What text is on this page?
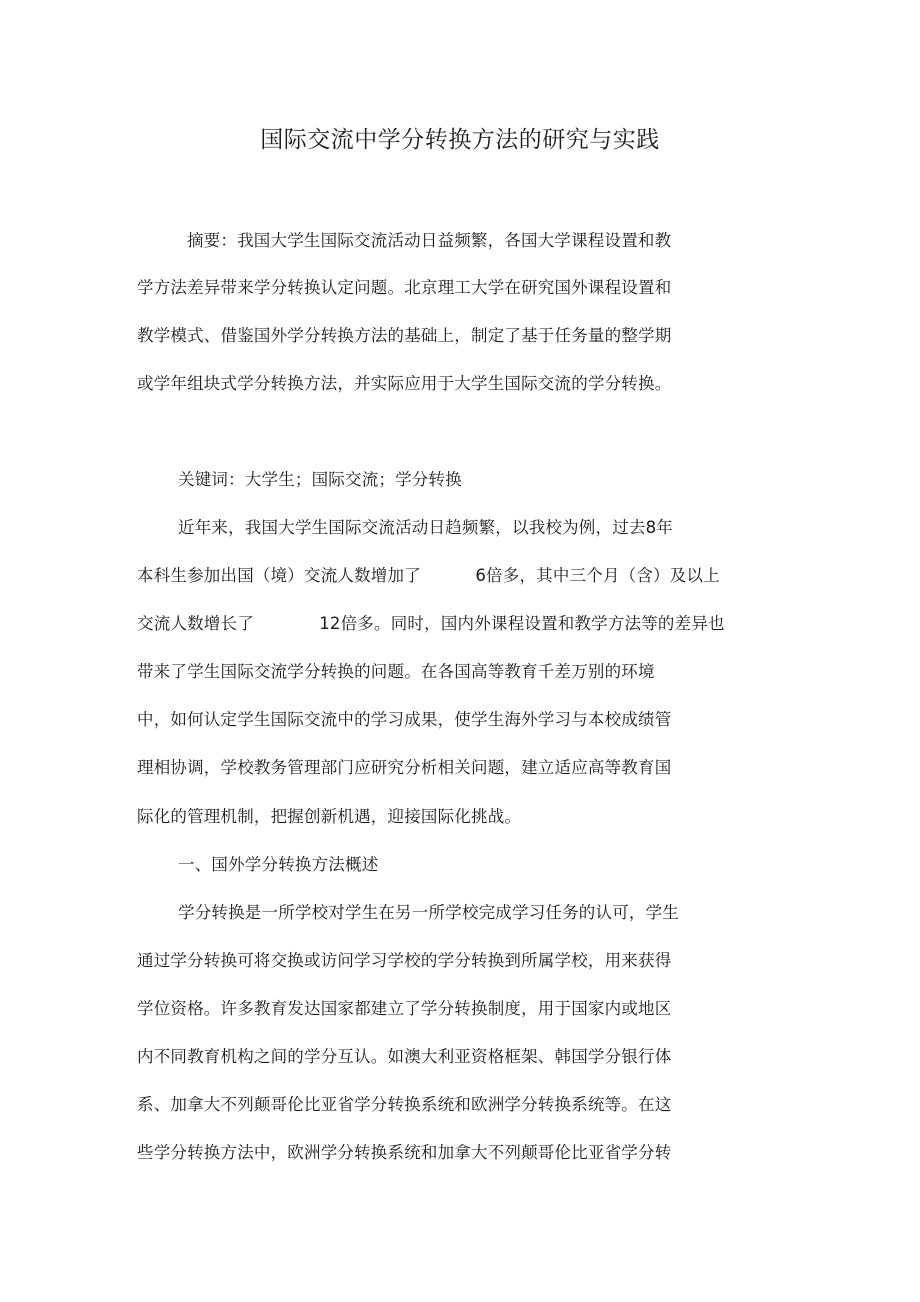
国际交流中学分转换方法的研究与实践
摘要：我国大学生国际交流活动日益频繁，各国大学课程设置和教
学方法差异带来学分转换认定问题。北京理工大学在研究国外课程设置和
教学模式、借鉴国外学分转换方法的基础上，制定了基于任务量的整学期
或学年组块式学分转换方法，并实际应用于大学生国际交流的学分转换。
关键词：大学生；国际交流；学分转换
近年来，我国大学生国际交流活动日趋频繁，以我校为例，过去8年
本科生参加出国（境）交流人数增加了          6倍多，其中三个月（含）及以上
交流人数增长了            12倍多。同时，国内外课程设置和教学方法等的差异也
带来了学生国际交流学分转换的问题。在各国高等教育千差万别的环境
中，如何认定学生国际交流中的学习成果，使学生海外学习与本校成绩管
理相协调，学校教务管理部门应研究分析相关问题，建立适应高等教育国
际化的管理机制，把握创新机遇，迎接国际化挑战。
一、国外学分转换方法概述
学分转换是一所学校对学生在另一所学校完成学习任务的认可，学生
通过学分转换可将交换或访问学习学校的学分转换到所属学校，用来获得
学位资格。许多教育发达国家都建立了学分转换制度，用于国家内或地区
内不同教育机构之间的学分互认。如澳大利亚资格框架、韩国学分银行体
系、加拿大不列颠哥伦比亚省学分转换系统和欧洲学分转换系统等。在这
些学分转换方法中，欧洲学分转换系统和加拿大不列颠哥伦比亚省学分转
